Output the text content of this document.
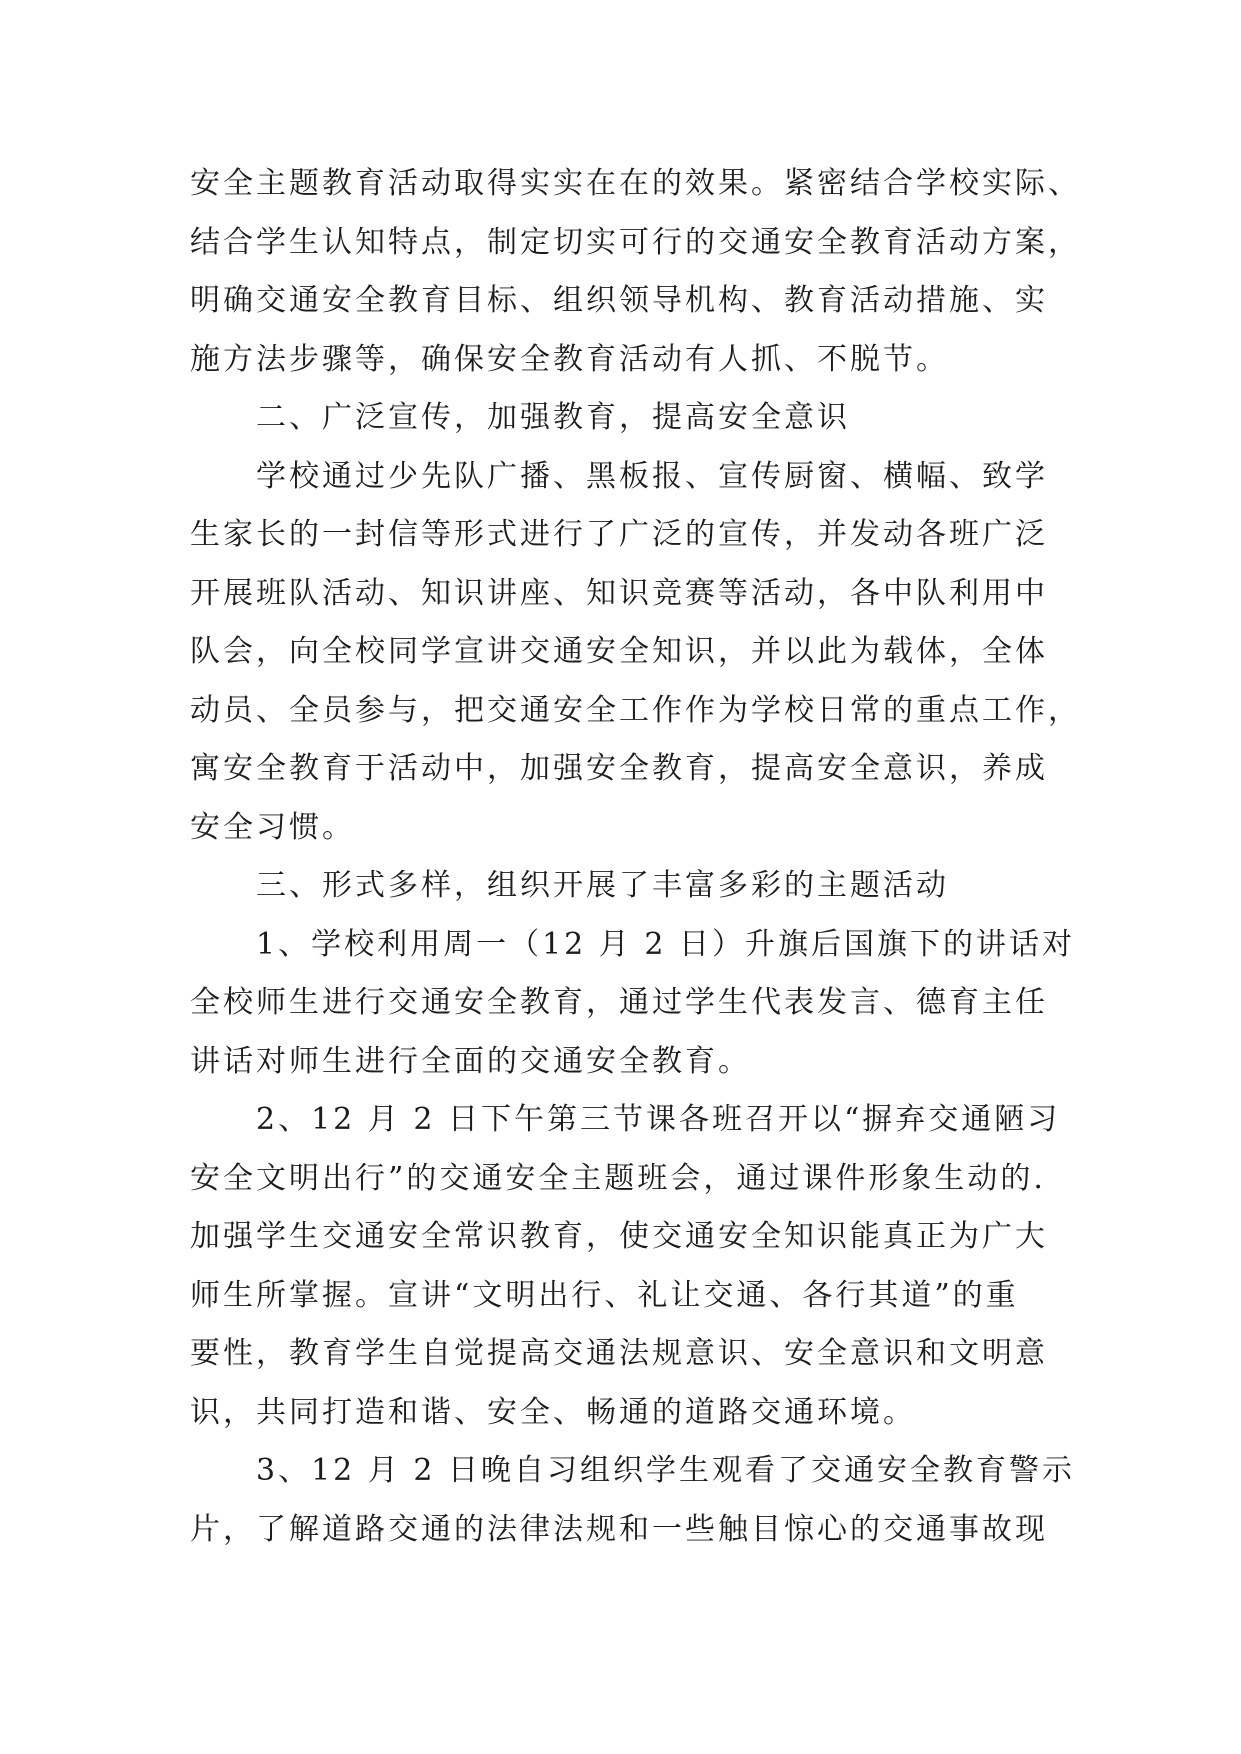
安全主题教育活动取得实实在在的效果。紧密结合学校实际、
结合学生认知特点，制定切实可行的交通安全教育活动方案，
明确交通安全教育目标、组织领导机构、教育活动措施、实
施方法步骤等，确保安全教育活动有人抓、不脱节。
二、广泛宣传，加强教育，提高安全意识
学校通过少先队广播、黑板报、宣传厨窗、横幅、致学
生家长的一封信等形式进行了广泛的宣传，并发动各班广泛
开展班队活动、知识讲座、知识竞赛等活动，各中队利用中
队会，向全校同学宣讲交通安全知识，并以此为载体，全体
动员、全员参与，把交通安全工作作为学校日常的重点工作，
寓安全教育于活动中，加强安全教育，提高安全意识，养成
安全习惯。
三、形式多样，组织开展了丰富多彩的主题活动
1、学校利用周一（12 月 2 日）升旗后国旗下的讲话对
全校师生进行交通安全教育，通过学生代表发言、德育主任
讲话对师生进行全面的交通安全教育。
2、12 月 2 日下午第三节课各班召开以“摒弃交通陋习
安全文明出行”的交通安全主题班会，通过课件形象生动的.
加强学生交通安全常识教育，使交通安全知识能真正为广大
师生所掌握。宣讲“文明出行、礼让交通、各行其道”的重
要性，教育学生自觉提高交通法规意识、安全意识和文明意
识，共同打造和谐、安全、畅通的道路交通环境。
3、12 月 2 日晚自习组织学生观看了交通安全教育警示
片，了解道路交通的法律法规和一些触目惊心的交通事故现
